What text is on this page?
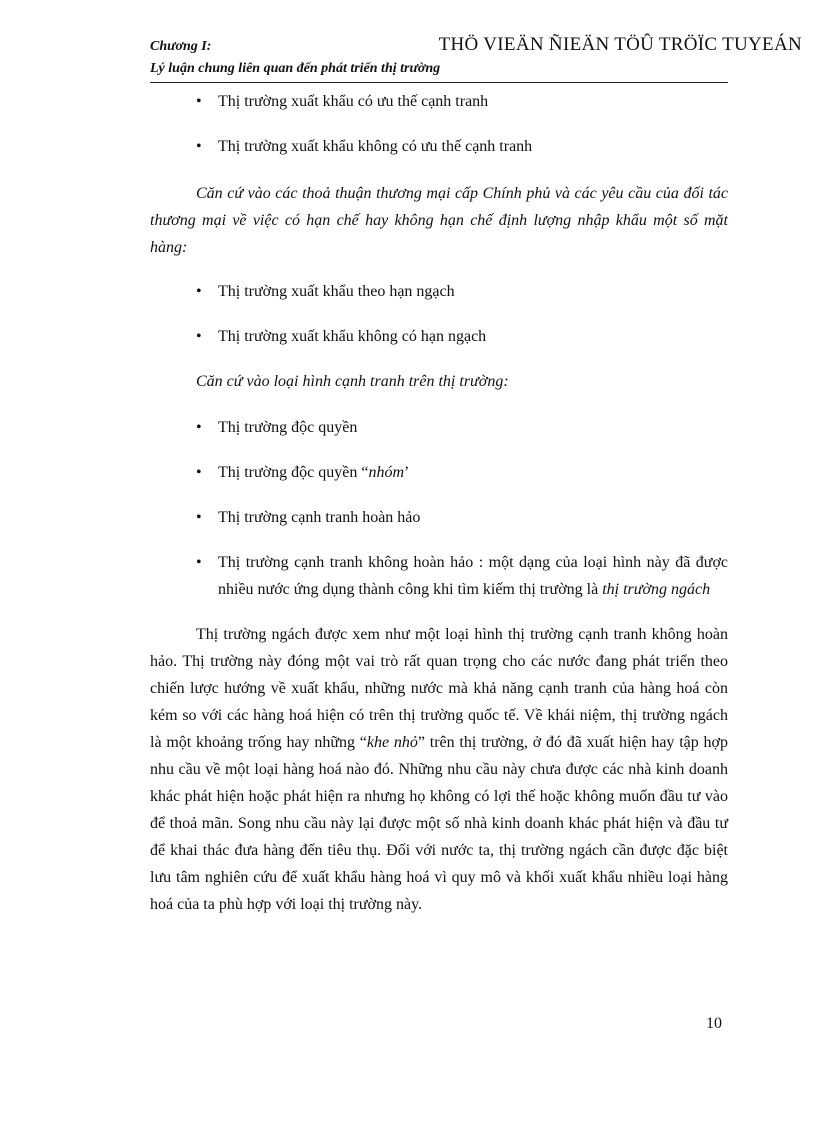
Chương I:
Lý luận chung liên quan đến phát triển thị trường
THÖ VIEÄN ÑIEÄN TÖÛ TRÖÏC TUYEÁN
• Thị trường xuất khẩu có ưu thế cạnh tranh
• Thị trường xuất khẩu không có ưu thế cạnh tranh

Căn cứ vào các thoả thuận thương mại cấp Chính phủ và các yêu cầu của đối tác thương mại về việc có hạn chế hay không hạn chế định lượng nhập khẩu một số mặt hàng:

• Thị trường xuất khẩu theo hạn ngạch
• Thị trường xuất khẩu không có hạn ngạch

Căn cứ vào loại hình cạnh tranh trên thị trường:

• Thị trường độc quyền
• Thị trường độc quyền “nhóm’
• Thị trường cạnh tranh hoàn hảo
• Thị trường cạnh tranh không hoàn hảo : một dạng của loại hình này đã được nhiều nước ứng dụng thành công khi tìm kiếm thị trường là thị trường ngách

Thị trường ngách được xem như một loại hình thị trường cạnh tranh không hoàn hảo. Thị trường này đóng một vai trò rất quan trọng cho các nước đang phát triển theo chiến lược hướng về xuất khẩu, những nước mà khả năng cạnh tranh của hàng hoá còn kém so với các hàng hoá hiện có trên thị trường quốc tế. Về khái niệm, thị trường ngách là một khoảng trống hay những “khe nhỏ” trên thị trường, ở đó đã xuất hiện hay tập hợp nhu cầu về một loại hàng hoá nào đó. Những nhu cầu này chưa được các nhà kinh doanh khác phát hiện hoặc phát hiện ra nhưng họ không có lợi thế hoặc không muốn đầu tư vào để thoả mãn. Song nhu cầu này lại được một số nhà kinh doanh khác phát hiện và đầu tư để khai thác đưa hàng đến tiêu thụ. Đối với nước ta, thị trường ngách cần được đặc biệt lưu tâm nghiên cứu để xuất khẩu hàng hoá vì quy mô và khối xuất khẩu nhiều loại hàng hoá của ta phù hợp với loại thị trường này.

10
